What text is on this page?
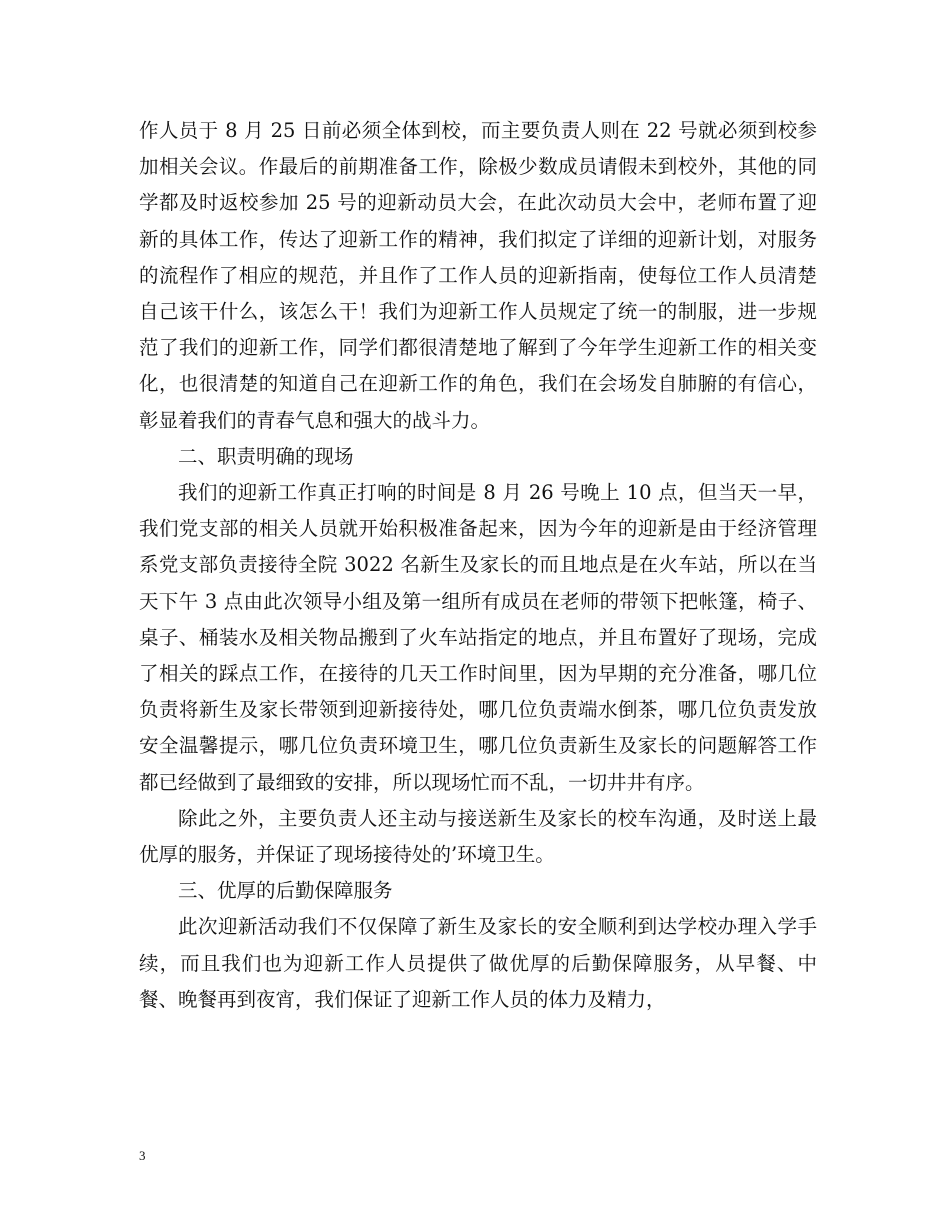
作人员于 8 月 25 日前必须全体到校，而主要负责人则在 22 号就必须到校参加相关会议。作最后的前期准备工作，除极少数成员请假未到校外，其他的同学都及时返校参加 25 号的迎新动员大会，在此次动员大会中，老师布置了迎新的具体工作，传达了迎新工作的精神，我们拟定了详细的迎新计划，对服务的流程作了相应的规范，并且作了工作人员的迎新指南，使每位工作人员清楚自己该干什么，该怎么干！我们为迎新工作人员规定了统一的制服，进一步规范了我们的迎新工作，同学们都很清楚地了解到了今年学生迎新工作的相关变化，也很清楚的知道自己在迎新工作的角色，我们在会场发自肺腑的有信心，彰显着我们的青春气息和强大的战斗力。

二、职责明确的现场

我们的迎新工作真正打响的时间是 8 月 26 号晚上 10 点，但当天一早，我们党支部的相关人员就开始积极准备起来，因为今年的迎新是由于经济管理系党支部负责接待全院 3022 名新生及家长的而且地点是在火车站，所以在当天下午 3 点由此次领导小组及第一组所有成员在老师的带领下把帐篷，椅子、桌子、桶装水及相关物品搬到了火车站指定的地点，并且布置好了现场，完成了相关的踩点工作，在接待的几天工作时间里，因为早期的充分准备，哪几位负责将新生及家长带领到迎新接待处，哪几位负责端水倒茶，哪几位负责发放安全温馨提示，哪几位负责环境卫生，哪几位负责新生及家长的问题解答工作都已经做到了最细致的安排，所以现场忙而不乱，一切井井有序。

除此之外，主要负责人还主动与接送新生及家长的校车沟通，及时送上最优厚的服务，并保证了现场接待处的’环境卫生。

三、优厚的后勤保障服务

此次迎新活动我们不仅保障了新生及家长的安全顺利到达学校办理入学手续，而且我们也为迎新工作人员提供了做优厚的后勤保障服务，从早餐、中餐、晚餐再到夜宵，我们保证了迎新工作人员的体力及精力，

3
